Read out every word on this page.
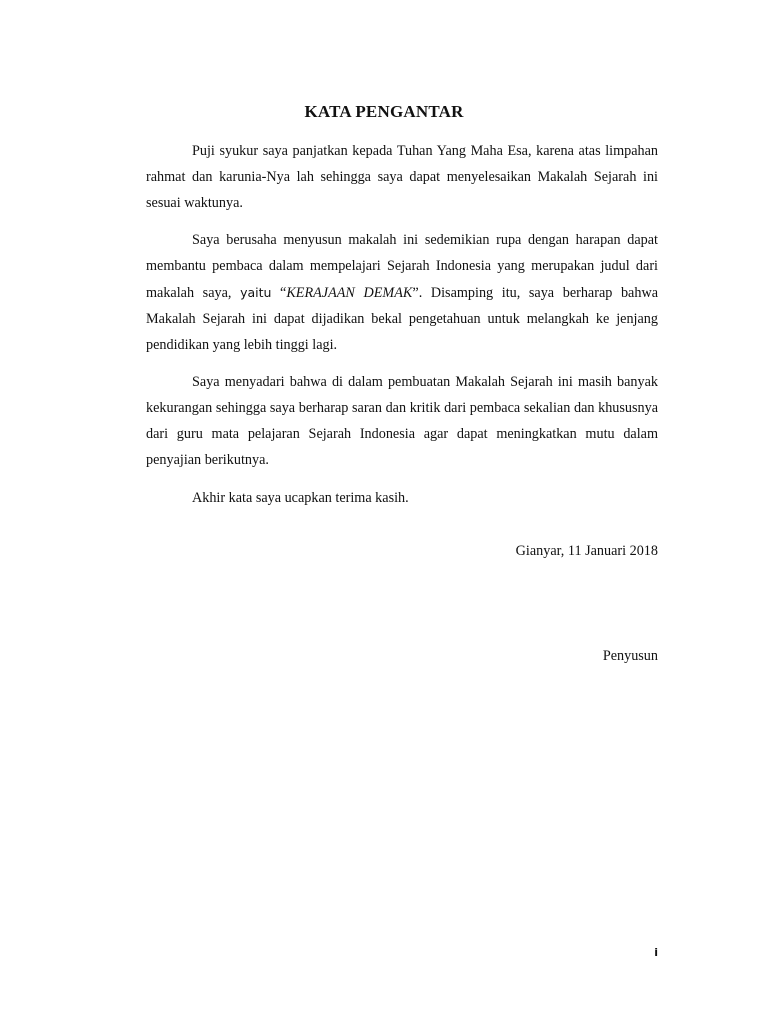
KATA PENGANTAR

Puji syukur saya panjatkan kepada Tuhan Yang Maha Esa, karena atas limpahan rahmat dan karunia-Nya lah sehingga saya dapat menyelesaikan Makalah Sejarah ini sesuai waktunya.

Saya berusaha menyusun makalah ini sedemikian rupa dengan harapan dapat membantu pembaca dalam mempelajari Sejarah Indonesia yang merupakan judul dari makalah saya, yaitu “KERAJAAN DEMAK”. Disamping itu, saya berharap bahwa Makalah Sejarah ini dapat dijadikan bekal pengetahuan untuk melangkah ke jenjang pendidikan yang lebih tinggi lagi.

Saya menyadari bahwa di dalam pembuatan Makalah Sejarah ini masih banyak kekurangan sehingga saya berharap saran dan kritik dari pembaca sekalian dan khususnya dari guru mata pelajaran Sejarah Indonesia agar dapat meningkatkan mutu dalam penyajian berikutnya.

Akhir kata saya ucapkan terima kasih.

Gianyar, 11 Januari 2018
Penyusun
i
